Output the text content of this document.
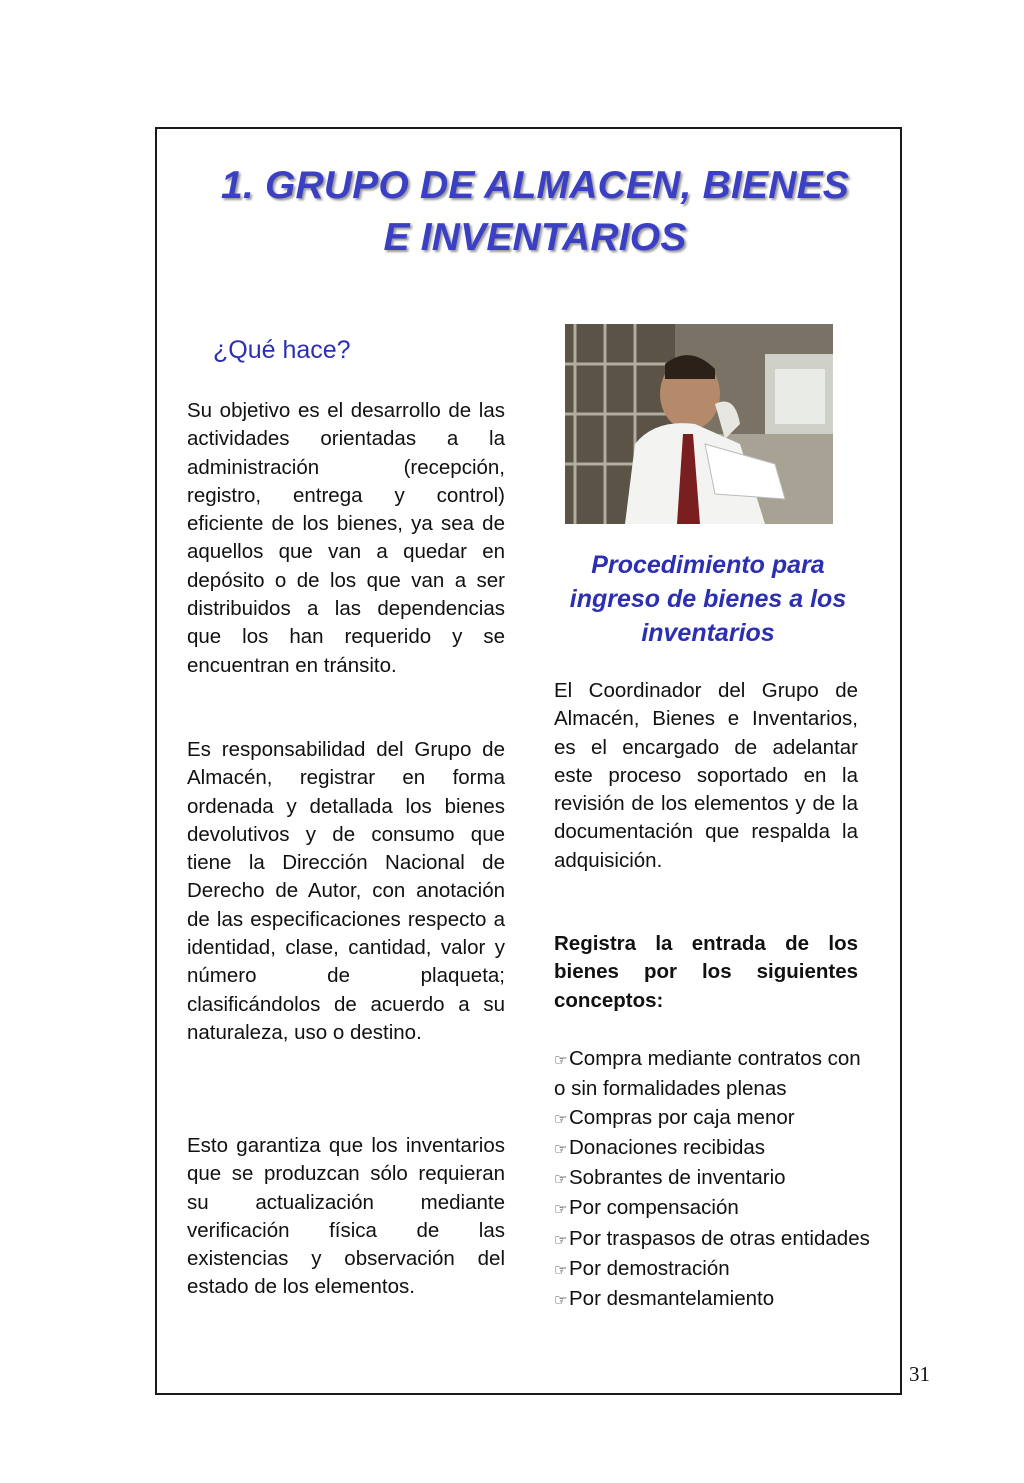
1. GRUPO DE ALMACEN, BIENES
E INVENTARIOS
¿Qué hace?
Su objetivo es el desarrollo de las actividades orientadas a la administración (recepción, registro, entrega y control) eficiente de los bienes, ya sea de aquellos que van a quedar en depósito o de los que van a ser distribuidos a las dependencias que los han requerido y se encuentran en tránsito.
Es responsabilidad del Grupo de Almacén, registrar en forma ordenada y detallada los bienes devolutivos y de consumo que tiene la Dirección Nacional de Derecho de Autor, con anotación de las especificaciones respecto a identidad, clase, cantidad, valor y número de plaqueta; clasificándolos de acuerdo a su naturaleza, uso o destino.
Esto garantiza que los inventarios que se produzcan sólo requieran su actualización mediante verificación física de las existencias y observación del estado de los elementos.
Procedimiento para ingreso de bienes a los inventarios
El Coordinador del Grupo de Almacén, Bienes e Inventarios, es el encargado de adelantar este proceso soportado en la revisión de los elementos y de la documentación que respalda la adquisición.
Registra la entrada de los bienes por los siguientes conceptos:
☞Compra mediante contratos con o sin formalidades plenas
☞Compras por caja menor
☞Donaciones recibidas
☞Sobrantes de inventario
☞Por compensación
☞Por traspasos de otras entidades
☞Por demostración
☞Por desmantelamiento
31
